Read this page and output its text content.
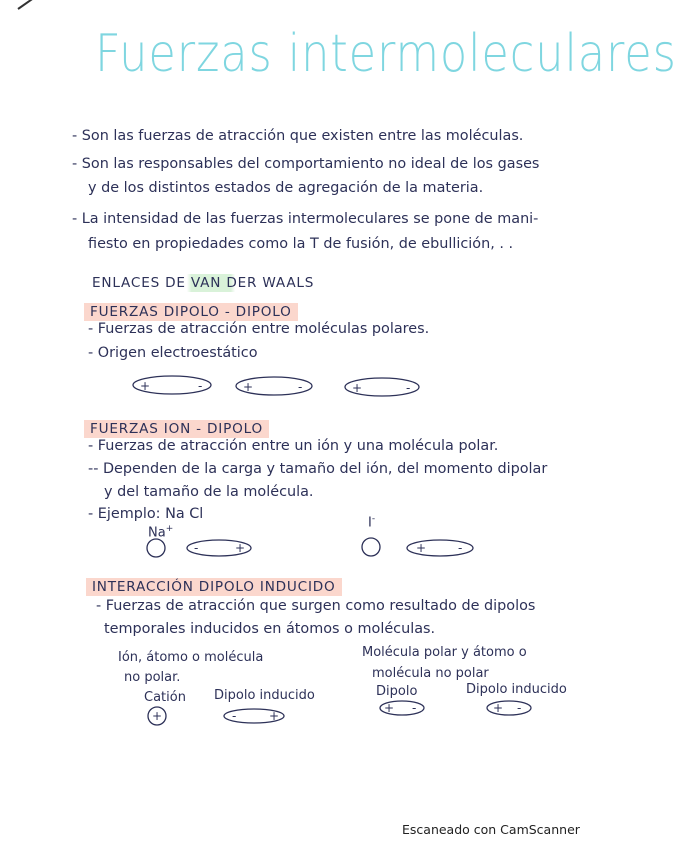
Fuerzas intermoleculares
- Son las fuerzas de atracción que existen entre las moléculas.
- Son las responsables del comportamiento no ideal de los gases
y de los distintos estados de agregación de la materia.
- La intensidad de las fuerzas intermoleculares se pone de mani-
fiesto en propiedades como la T de fusión, de ebullición, . .
ENLACES DE VAN DER WAALS
FUERZAS DIPOLO - DIPOLO
- Fuerzas de atracción entre moléculas polares.
- Origen electroestático
+	-	+	-	+	-
-	+	+	-
+	-	+
+ -	+ -
FUERZAS ION - DIPOLO
- Fuerzas de atracción entre un ión y una molécula polar.
-- Dependen de la carga y tamaño del ión, del momento dipolar
y del tamaño de la molécula.
- Ejemplo: Na Cl
Na+	I-
INTERACCIÓN DIPOLO INDUCIDO
- Fuerzas de atracción que surgen como resultado de dipolos
temporales inducidos en átomos o moléculas.
Ión, átomo o molécula
no polar.
Molécula polar y átomo o
molécula no polar
Catión Dipolo inducido	Dipolo	Dipolo inducido
Escaneado con CamScanner
